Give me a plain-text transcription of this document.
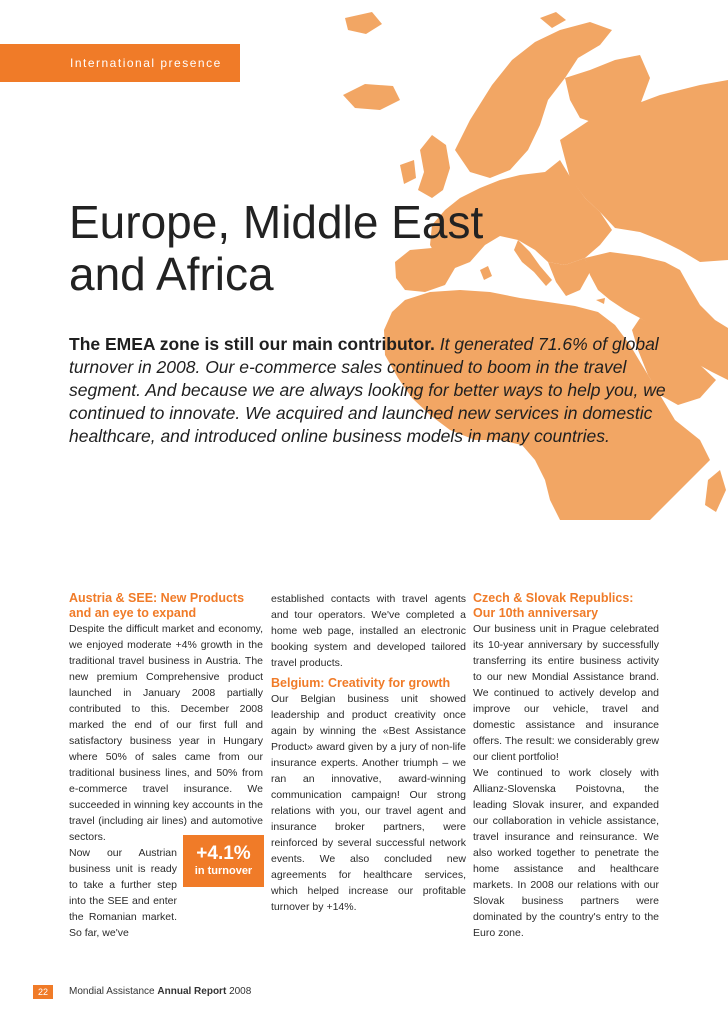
International presence
Europe, Middle East
and Africa

The EMEA zone is still our main contributor. It generated 71.6% of global turnover in 2008. Our e-commerce sales continued to boom in the travel segment. And because we are always looking for better ways to help you, we continued to innovate. We acquired and launched new services in domestic healthcare, and introduced online business models in many countries.

Austria & SEE: New Products and an eye to expand

Despite the difficult market and economy, we enjoyed moderate +4% growth in the traditional travel business in Austria. The new premium Comprehensive product launched in January 2008 partially contributed to this. December 2008 marked the end of our first full and satisfactory business year in Hungary where 50% of sales came from our traditional business lines, and 50% from e-commerce travel insurance. We succeeded in winning key accounts in the travel (including air lines) and automotive sectors.

Now our Austrian business unit is ready to take a further step into the SEE and enter the Romanian market. So far, we've

+4.1%
in turnover

established contacts with travel agents and tour operators. We've completed a home web page, installed an electronic booking system and developed tailored travel products.

Belgium: Creativity for growth

Our Belgian business unit showed leadership and product creativity once again by winning the «Best Assistance Product» award given by a jury of non-life insurance experts. Another triumph – we ran an innovative, award-winning communication campaign! Our strong relations with you, our travel agent and insurance broker partners, were reinforced by several successful network events. We also concluded new agreements for healthcare services, which helped increase our profitable turnover by +14%.

Czech & Slovak Republics:
Our 10th anniversary

Our business unit in Prague celebrated its 10-year anniversary by successfully transferring its entire business activity to our new Mondial Assistance brand. We continued to actively develop and improve our vehicle, travel and domestic assistance and insurance offers. The result: we considerably grew our client portfolio!

We continued to work closely with Allianz-Slovenska Poistovna, the leading Slovak insurer, and expanded our collaboration in vehicle assistance, travel insurance and reinsurance. We also worked together to penetrate the home assistance and healthcare markets. In 2008 our relations with our Slovak business partners were dominated by the country's entry to the Euro zone.

22	Mondial Assistance Annual Report 2008
